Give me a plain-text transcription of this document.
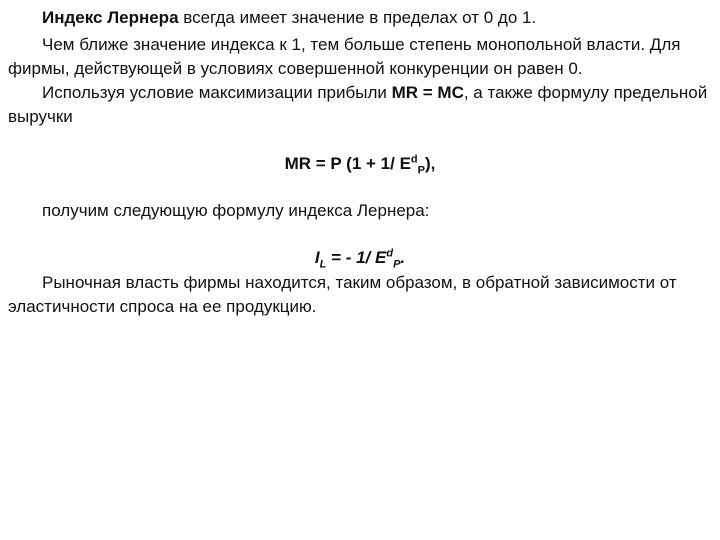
Индекс Лернера всегда имеет значение в пределах от 0 до 1.
Чем ближе значение индекса к 1, тем больше степень монопольной власти. Для фирмы, действующей в условиях совершенной конкуренции он равен 0.
Используя условие максимизации прибыли MR = MC, а также формулу предельной выручки
MR = P (1 + 1/ $E^d_P$),
получим следующую формулу индекса Лернера:
$I_L$ = - 1/ $E^d_P$.
Рыночная власть фирмы находится, таким образом, в обратной зависимости от эластичности спроса на ее продукцию.
